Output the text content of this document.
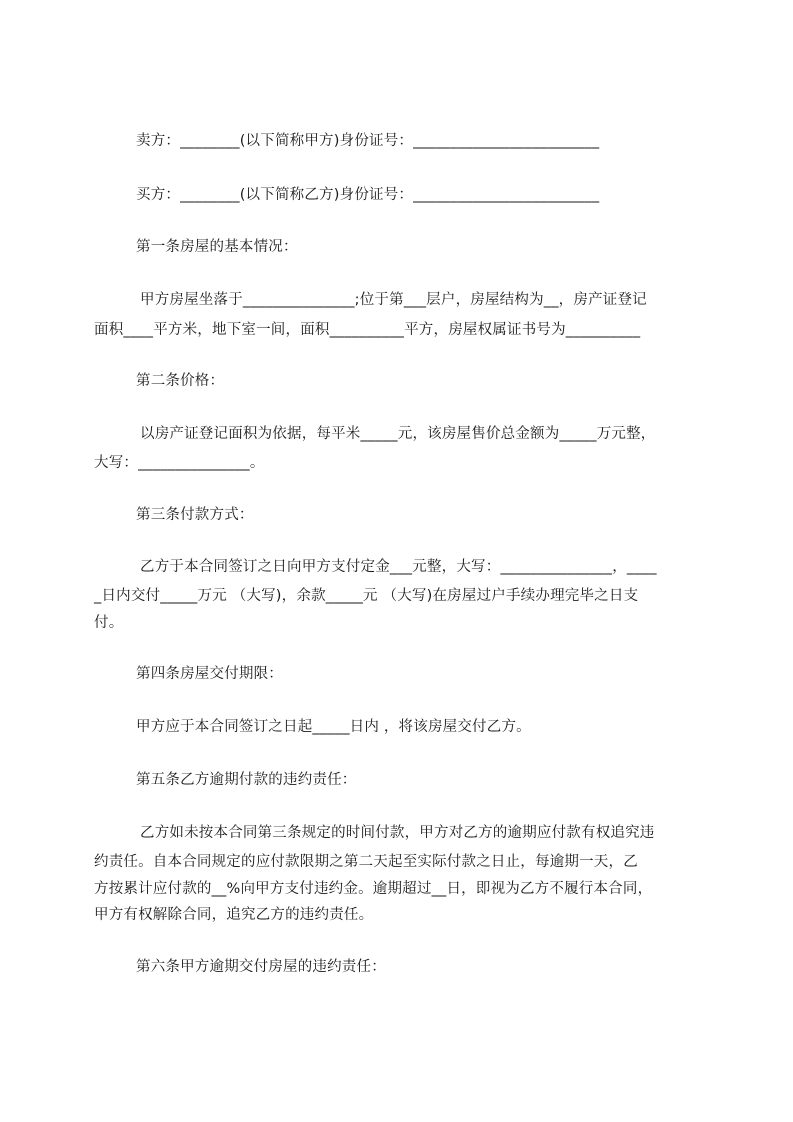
卖方：________(以下简称甲方)身份证号：_________________________
买方：________(以下简称乙方)身份证号：_________________________
第一条房屋的基本情况：
甲方房屋坐落于_______________;位于第___层户，房屋结构为__，房产证登记
面积____平方米，地下室一间，面积__________平方，房屋权属证书号为__________
第二条价格：
以房产证登记面积为依据，每平米_____元，该房屋售价总金额为_____万元整，
大写：_______________。
第三条付款方式：
乙方于本合同签订之日向甲方支付定金___元整，大写：_______________，____
_日内交付_____万元 （大写)，余款_____元 （大写)在房屋过户手续办理完毕之日支
付。
第四条房屋交付期限：
甲方应于本合同签订之日起_____日内 ，将该房屋交付乙方。
第五条乙方逾期付款的违约责任：
乙方如未按本合同第三条规定的时间付款，甲方对乙方的逾期应付款有权追究违
约责任。自本合同规定的应付款限期之第二天起至实际付款之日止，每逾期一天，乙
方按累计应付款的__%向甲方支付违约金。逾期超过__日，即视为乙方不履行本合同，
甲方有权解除合同，追究乙方的违约责任。
第六条甲方逾期交付房屋的违约责任：
